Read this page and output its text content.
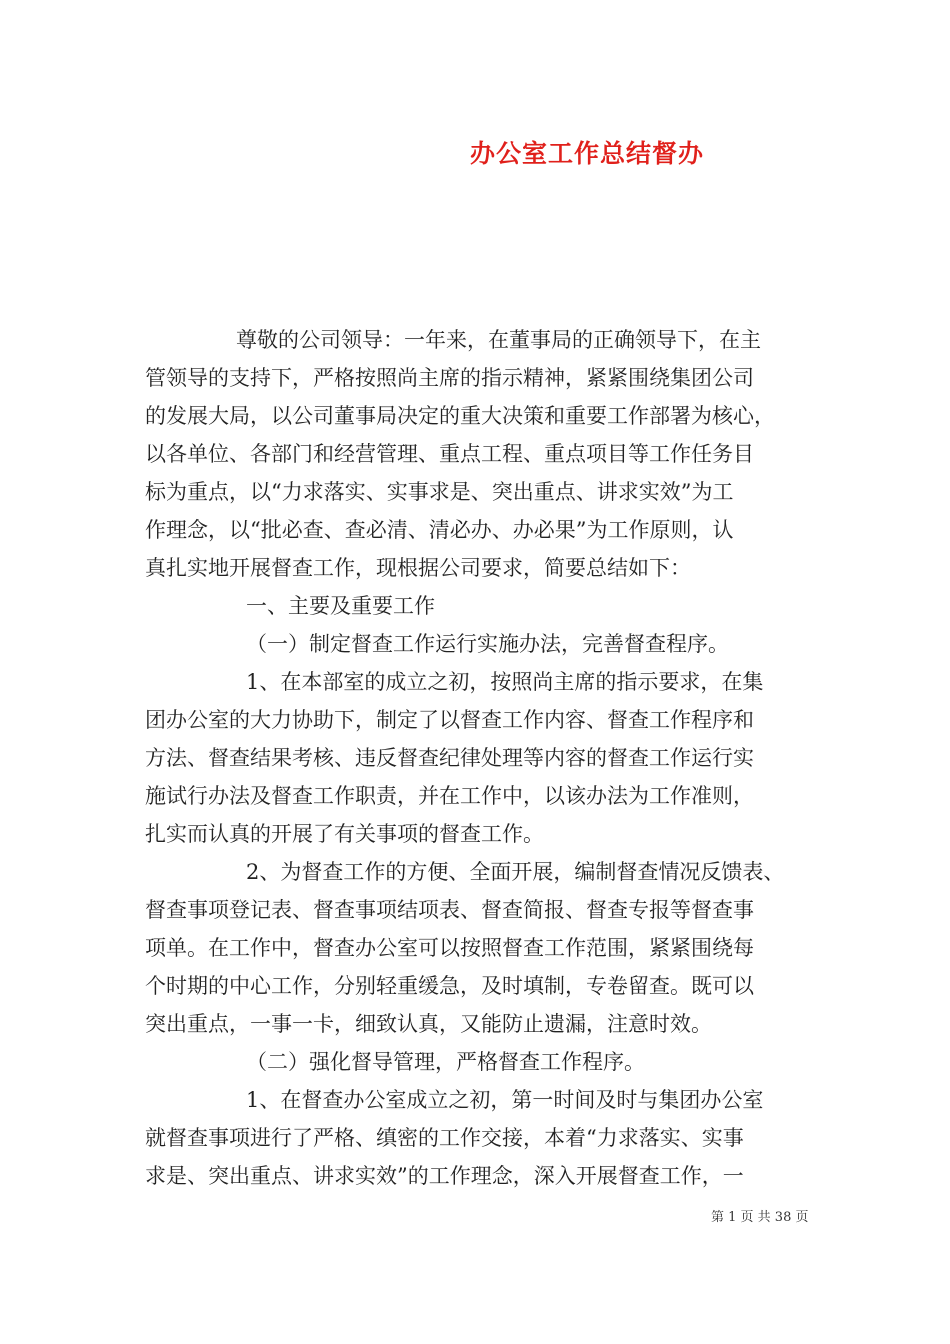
办公室工作总结督办
尊敬的公司领导：一年来，在董事局的正确领导下，在主
管领导的支持下，严格按照尚主席的指示精神，紧紧围绕集团公司
的发展大局，以公司董事局决定的重大决策和重要工作部署为核心，
以各单位、各部门和经营管理、重点工程、重点项目等工作任务目
标为重点，以“力求落实、实事求是、突出重点、讲求实效”为工
作理念，以“批必查、查必清、清必办、办必果”为工作原则，认
真扎实地开展督查工作，现根据公司要求，简要总结如下：
一、主要及重要工作
（一）制定督查工作运行实施办法，完善督查程序。
1、在本部室的成立之初，按照尚主席的指示要求，在集
团办公室的大力协助下，制定了以督查工作内容、督查工作程序和
方法、督查结果考核、违反督查纪律处理等内容的督查工作运行实
施试行办法及督查工作职责，并在工作中，以该办法为工作准则，
扎实而认真的开展了有关事项的督查工作。
2、为督查工作的方便、全面开展，编制督查情况反馈表、
督查事项登记表、督查事项结项表、督查简报、督查专报等督查事
项单。在工作中，督查办公室可以按照督查工作范围，紧紧围绕每
个时期的中心工作，分别轻重缓急，及时填制，专卷留查。既可以
突出重点，一事一卡，细致认真，又能防止遗漏，注意时效。
（二）强化督导管理，严格督查工作程序。
1、在督查办公室成立之初，第一时间及时与集团办公室
就督查事项进行了严格、缜密的工作交接，本着“力求落实、实事
求是、突出重点、讲求实效”的工作理念，深入开展督查工作，一
第 1 页 共 38 页
